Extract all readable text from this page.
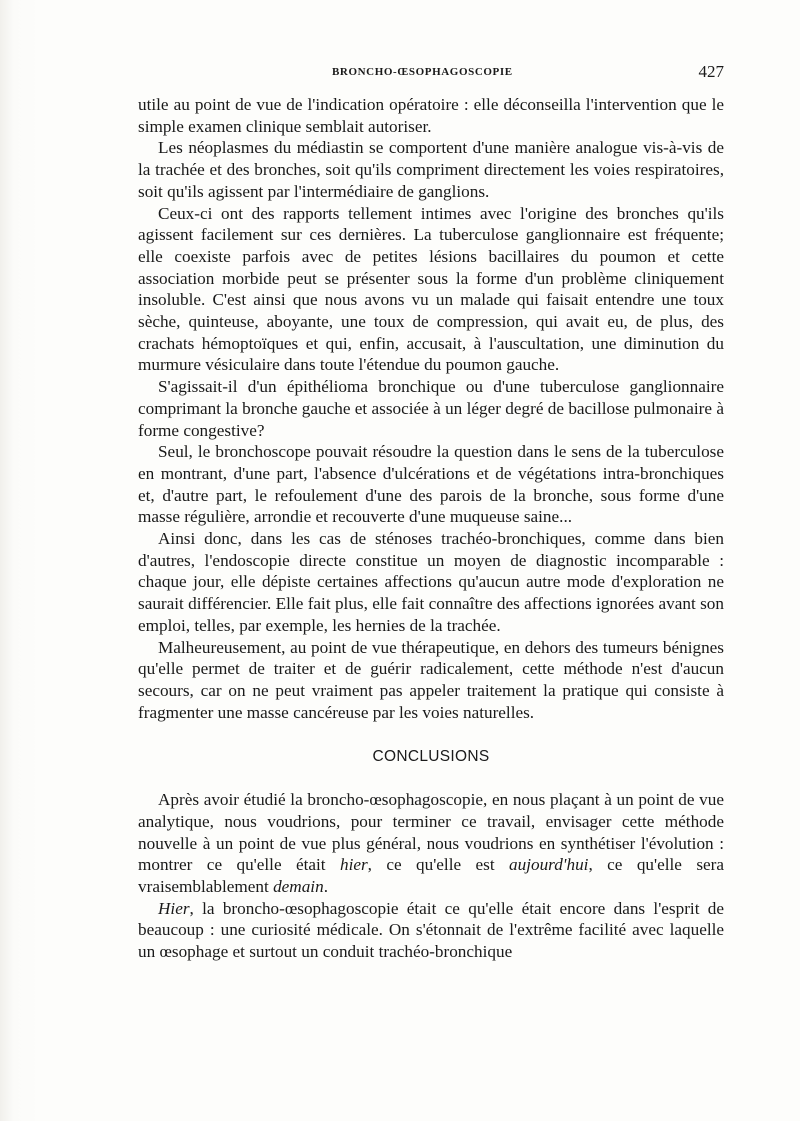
BRONCHO-ŒSOPHAGOSCOPIE	427

utile au point de vue de l'indication opératoire : elle déconseilla l'intervention que le simple examen clinique semblait autoriser.

Les néoplasmes du médiastin se comportent d'une manière analogue vis-à-vis de la trachée et des bronches, soit qu'ils compriment directement les voies respiratoires, soit qu'ils agissent par l'intermédiaire de ganglions.

Ceux-ci ont des rapports tellement intimes avec l'origine des bronches qu'ils agissent facilement sur ces dernières. La tuberculose ganglionnaire est fréquente; elle coexiste parfois avec de petites lésions bacillaires du poumon et cette association morbide peut se présenter sous la forme d'un problème cliniquement insoluble. C'est ainsi que nous avons vu un malade qui faisait entendre une toux sèche, quinteuse, aboyante, une toux de compression, qui avait eu, de plus, des crachats hémoptoïques et qui, enfin, accusait, à l'auscultation, une diminution du murmure vésiculaire dans toute l'étendue du poumon gauche.

S'agissait-il d'un épithélioma bronchique ou d'une tuberculose ganglionnaire comprimant la bronche gauche et associée à un léger degré de bacillose pulmonaire à forme congestive?

Seul, le bronchoscope pouvait résoudre la question dans le sens de la tuberculose en montrant, d'une part, l'absence d'ulcérations et de végétations intra-bronchiques et, d'autre part, le refoulement d'une des parois de la bronche, sous forme d'une masse régulière, arrondie et recouverte d'une muqueuse saine...

Ainsi donc, dans les cas de sténoses trachéo-bronchiques, comme dans bien d'autres, l'endoscopie directe constitue un moyen de diagnostic incomparable : chaque jour, elle dépiste certaines affections qu'aucun autre mode d'exploration ne saurait différencier. Elle fait plus, elle fait connaître des affections ignorées avant son emploi, telles, par exemple, les hernies de la trachée.

Malheureusement, au point de vue thérapeutique, en dehors des tumeurs bénignes qu'elle permet de traiter et de guérir radicalement, cette méthode n'est d'aucun secours, car on ne peut vraiment pas appeler traitement la pratique qui consiste à fragmenter une masse cancéreuse par les voies naturelles.

CONCLUSIONS

Après avoir étudié la broncho-œsophagoscopie, en nous plaçant à un point de vue analytique, nous voudrions, pour terminer ce travail, envisager cette méthode nouvelle à un point de vue plus général, nous voudrions en synthétiser l'évolution : montrer ce qu'elle était hier, ce qu'elle est aujourd'hui, ce qu'elle sera vraisemblablement demain.

Hier, la broncho-œsophagoscopie était ce qu'elle était encore dans l'esprit de beaucoup : une curiosité médicale. On s'étonnait de l'extrême facilité avec laquelle un œsophage et surtout un conduit trachéo-bronchique
